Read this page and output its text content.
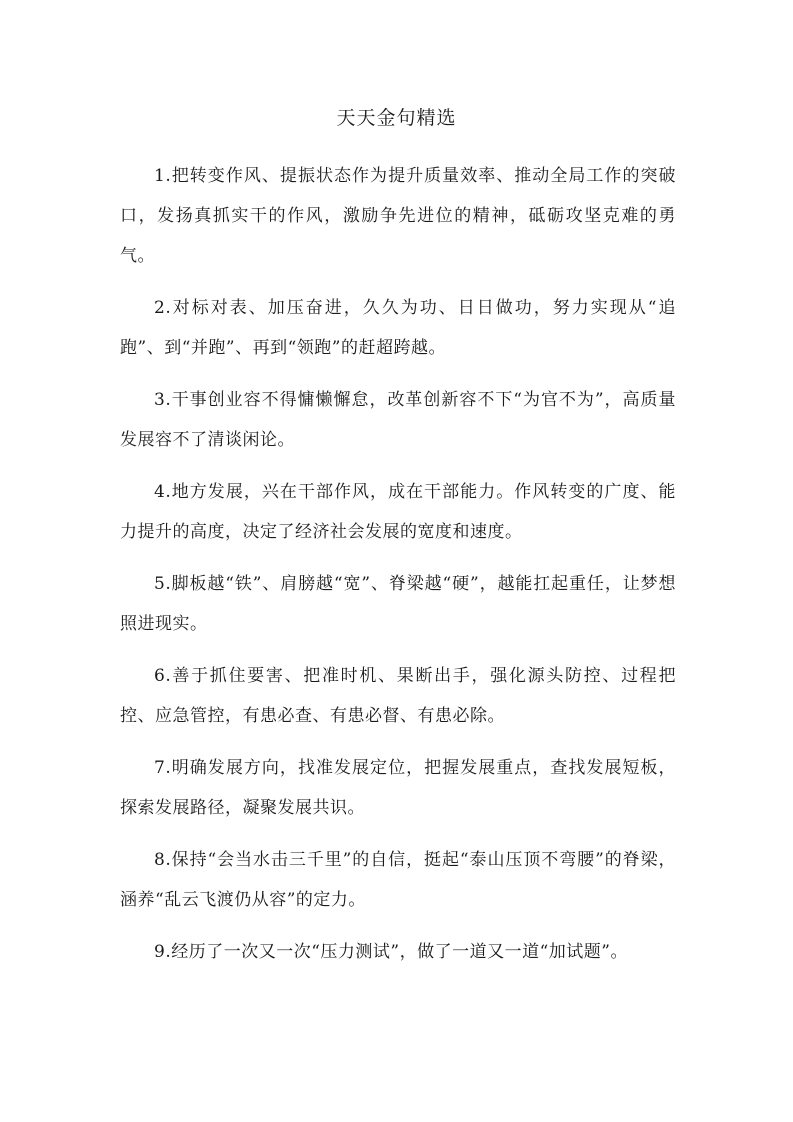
天天金句精选

1.把转变作风、提振状态作为提升质量效率、推动全局工作的突破口，发扬真抓实干的作风，激励争先进位的精神，砥砺攻坚克难的勇气。

2.对标对表、加压奋进，久久为功、日日做功，努力实现从“追跑”、到“并跑”、再到“领跑”的赶超跨越。

3.干事创业容不得慵懒懈怠，改革创新容不下“为官不为”，高质量发展容不了清谈闲论。

4.地方发展，兴在干部作风，成在干部能力。作风转变的广度、能力提升的高度，决定了经济社会发展的宽度和速度。

5.脚板越“铁”、肩膀越“宽”、脊梁越“硬”，越能扛起重任，让梦想照进现实。

6.善于抓住要害、把准时机、果断出手，强化源头防控、过程把控、应急管控，有患必查、有患必督、有患必除。

7.明确发展方向，找准发展定位，把握发展重点，查找发展短板，探索发展路径，凝聚发展共识。

8.保持“会当水击三千里”的自信，挺起“泰山压顶不弯腰”的脊梁，涵养“乱云飞渡仍从容”的定力。

9.经历了一次又一次“压力测试”，做了一道又一道“加试题”。
